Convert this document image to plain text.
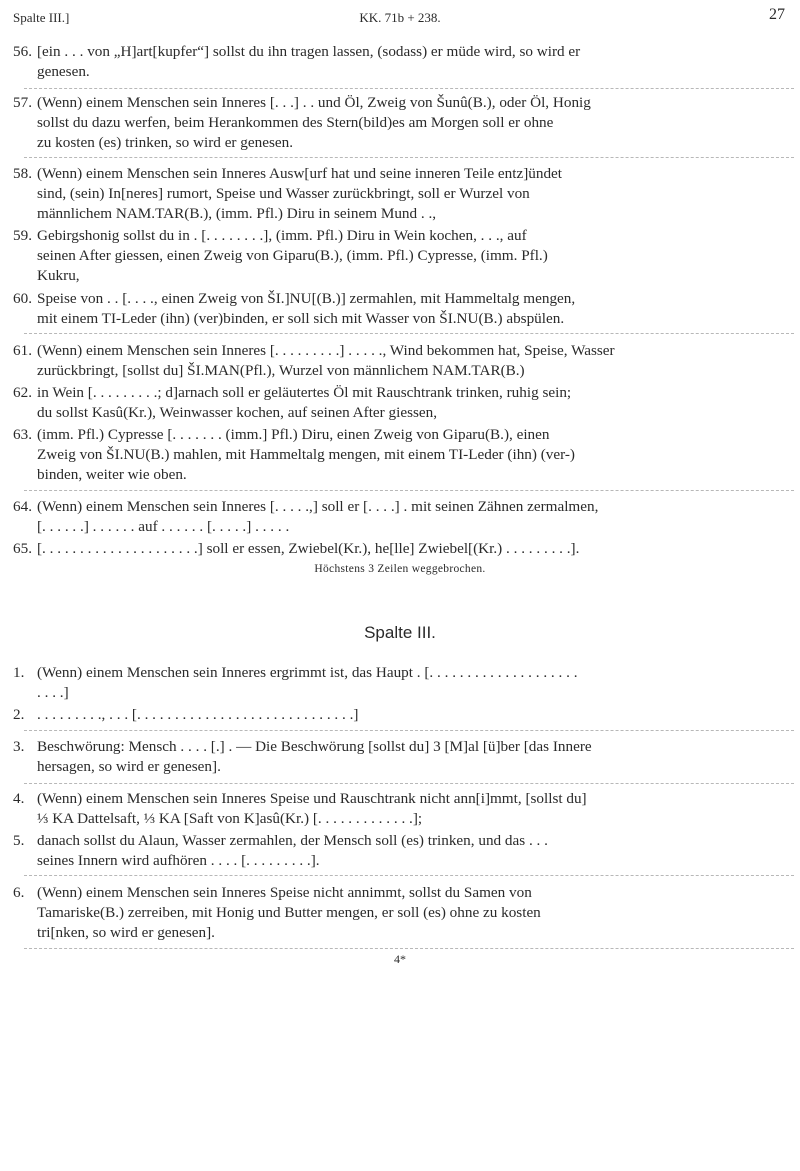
Spalte III.]	KK. 71b + 238.	27
56. [ein . . . von „H]art[kupfer“] sollst du ihn tragen lassen, (sodass) er müde wird, so wird er
genesen.
57. (Wenn) einem Menschen sein Inneres [. . .] . . und Öl, Zweig von Šunû(B.), oder Öl, Honig
sollst du dazu werfen, beim Herankommen des Stern(bild)es am Morgen soll er ohne
zu kosten (es) trinken, so wird er genesen.
58. (Wenn) einem Menschen sein Inneres Ausw[urf hat und seine inneren Teile entz]ündet
sind, (sein) In[neres] rumort, Speise und Wasser zurückbringt, soll er Wurzel von
männlichem NAM.TAR(B.), (imm. Pfl.) Diru in seinem Mund . .,
59. Gebirgshonig sollst du in . [. . . . . . . .], (imm. Pfl.) Diru in Wein kochen, . . ., auf
seinen After giessen, einen Zweig von Giparu(B.), (imm. Pfl.) Cypresse, (imm. Pfl.)
Kukru,
60. Speise von . . [. . . ., einen Zweig von ŠI.]NU[(B.)] zermahlen, mit Hammeltalg mengen,
mit einem TI-Leder (ihn) (ver)binden, er soll sich mit Wasser von ŠI.NU(B.) abspülen.
61. (Wenn) einem Menschen sein Inneres [. . . . . . . . .] . . . . ., Wind bekommen hat, Speise, Wasser
zurückbringt, [sollst du] ŠI.MAN(Pfl.), Wurzel von männlichem NAM.TAR(B.)
62. in Wein [. . . . . . . . .; d]arnach soll er geläutertes Öl mit Rauschtrank trinken, ruhig sein;
du sollst Kasû(Kr.), Weinwasser kochen, auf seinen After giessen,
63. (imm. Pfl.) Cypresse [. . . . . . . (imm.] Pfl.) Diru, einen Zweig von Giparu(B.), einen
Zweig von ŠI.NU(B.) mahlen, mit Hammeltalg mengen, mit einem TI-Leder (ihn) (ver-)
binden, weiter wie oben.
64. (Wenn) einem Menschen sein Inneres [. . . . .,] soll er [. . . .] . mit seinen Zähnen zermalmen,
[. . . . . .] . . . . . . auf . . . . . . [. . . . .] . . . . .
65. [. . . . . . . . . . . . . . . . . . . . .] soll er essen, Zwiebel(Kr.), he[lle] Zwiebel[(Kr.) . . . . . . . . .].
Höchstens 3 Zeilen weggebrochen.
Spalte III.
1. (Wenn) einem Menschen sein Inneres ergrimmt ist, das Haupt . [. . . . . . . . . . . . . . . . . . . .
. . . .]
2. . . . . . . . . ., . . . [. . . . . . . . . . . . . . . . . . . . . . . . . . . . .]
3. Beschwörung: Mensch . . . . [.] . — Die Beschwörung [sollst du] 3 [M]al [ü]ber [das Innere
hersagen, so wird er genesen].
4. (Wenn) einem Menschen sein Inneres Speise und Rauschtrank nicht ann[i]mmt, [sollst du]
⅓ KA Dattelsaft, ⅓ KA [Saft von K]asû(Kr.) [. . . . . . . . . . . . .];
5. danach sollst du Alaun, Wasser zermahlen, der Mensch soll (es) trinken, und das . . .
seines Innern wird aufhören . . . . [. . . . . . . . .].
6. (Wenn) einem Menschen sein Inneres Speise nicht annimmt, sollst du Samen von
Tamariske(B.) zerreiben, mit Honig und Butter mengen, er soll (es) ohne zu kosten
tri[nken, so wird er genesen].
4*
